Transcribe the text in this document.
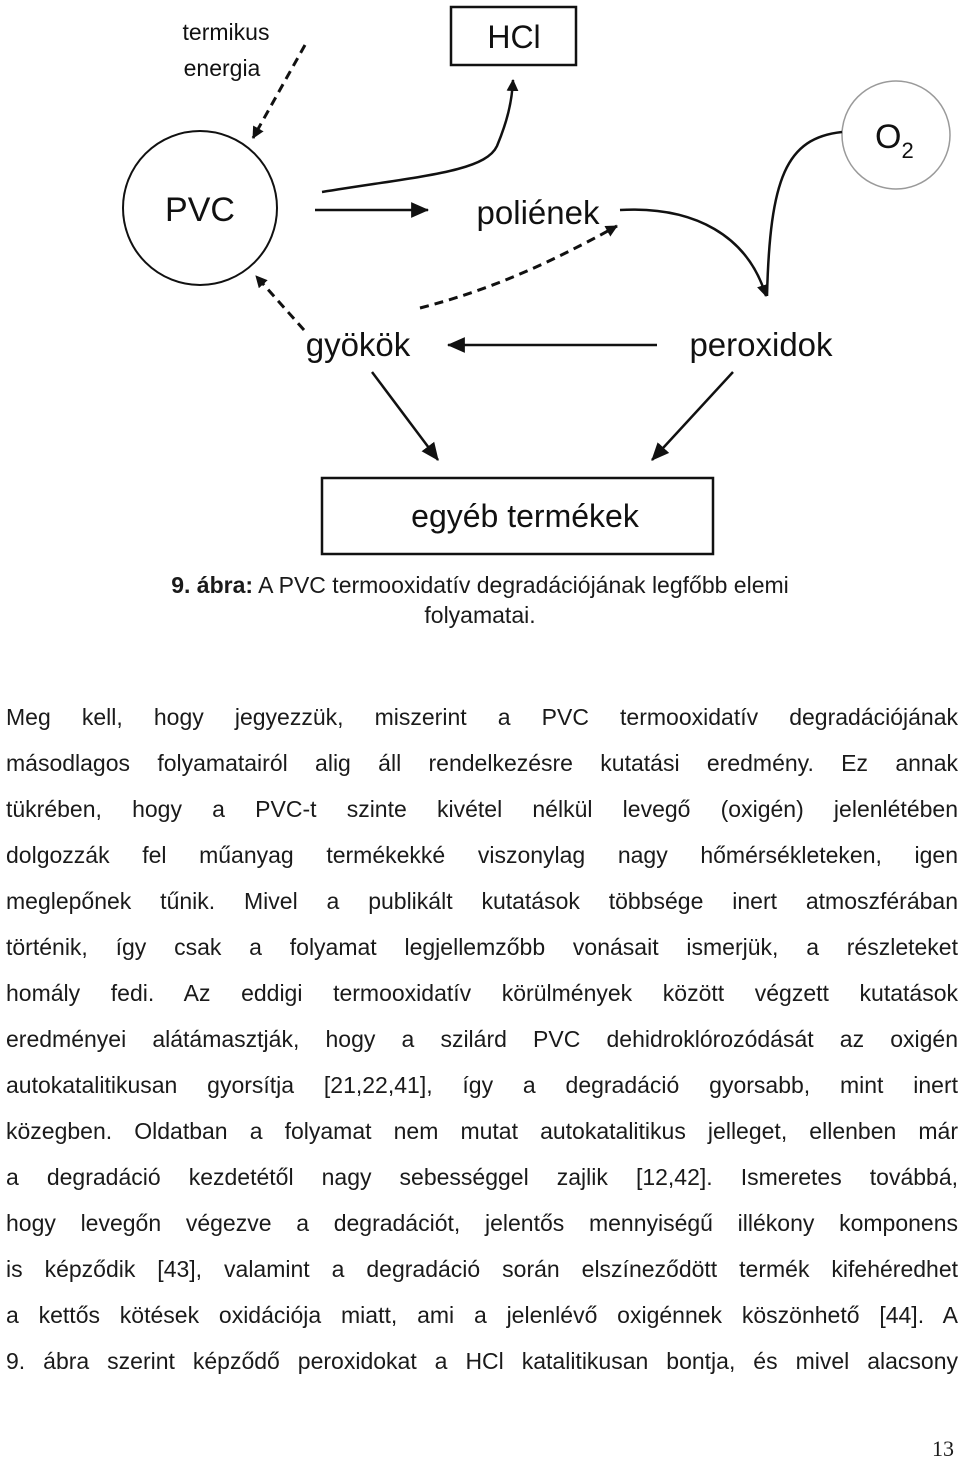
termikus
energia
HCl
$O_2$
PVC	poliének
gyökök	peroxidok
egyéb termékek
9. ábra: A PVC termooxidatív degradációjának legfőbb elemi
folyamatai.
Meg kell, hogy jegyezzük, miszerint a PVC termooxidatív degradációjának
másodlagos folyamatairól alig áll rendelkezésre kutatási eredmény. Ez annak
tükrében, hogy a PVC-t szinte kivétel nélkül levegő (oxigén) jelenlétében
dolgozzák fel műanyag termékekké viszonylag nagy hőmérsékleteken, igen
meglepőnek tűnik. Mivel a publikált kutatások többsége inert atmoszférában
történik, így csak a folyamat legjellemzőbb vonásait ismerjük, a részleteket
homály fedi. Az eddigi termooxidatív körülmények között végzett kutatások
eredményei alátámasztják, hogy a szilárd PVC dehidroklórozódását az oxigén
autokatalitikusan gyorsítja [21,22,41], így a degradáció gyorsabb, mint inert
közegben. Oldatban a folyamat nem mutat autokatalitikus jelleget, ellenben már
a degradáció kezdetétől nagy sebességgel zajlik [12,42]. Ismeretes továbbá,
hogy levegőn végezve a degradációt, jelentős mennyiségű illékony komponens
is képződik [43], valamint a degradáció során elszíneződött termék kifehéredhet
a kettős kötések oxidációja miatt, ami a jelenlévő oxigénnek köszönhető [44]. A
9. ábra szerint képződő peroxidokat a HCl katalitikusan bontja, és mivel alacsony
13
